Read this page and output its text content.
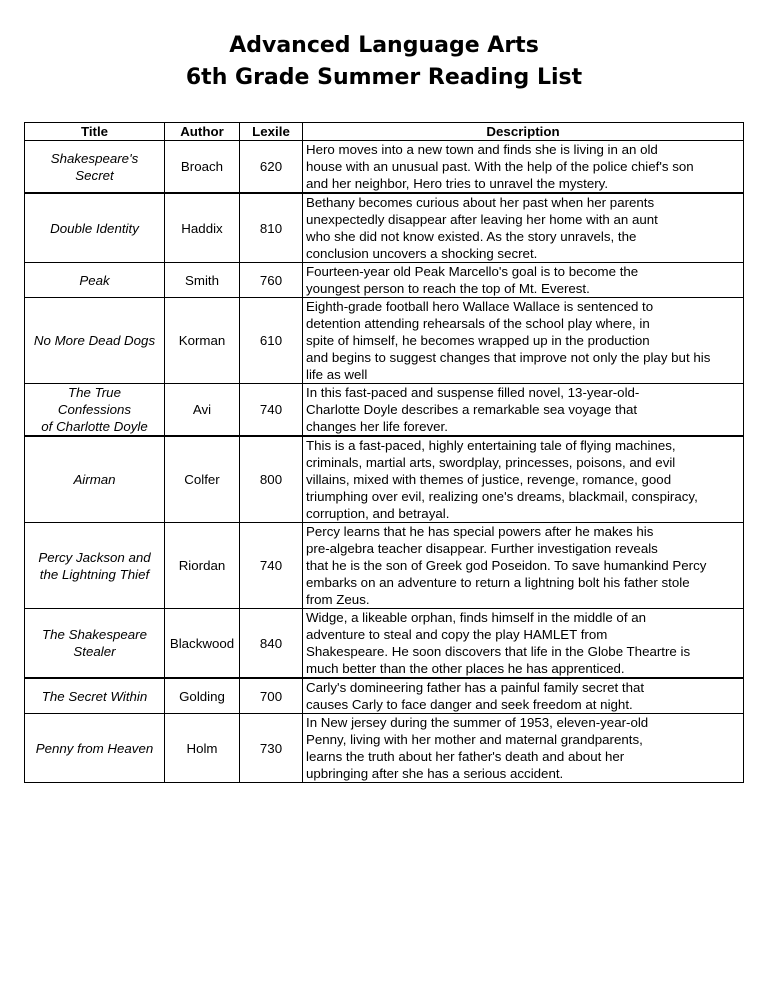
Advanced Language Arts
6th Grade Summer Reading List
Title	Author	Lexile	Description
Shakespeare's
Secret	Broach	620	Hero moves into a new town and finds she is living in an old
house with an unusual past. With the help of the police chief's son
and her neighbor, Hero tries to unravel the mystery.
Double Identity	Haddix	810	Bethany becomes curious about her past when her parents
unexpectedly disappear after leaving her home with an aunt
who she did not know existed. As the story unravels, the
conclusion uncovers a shocking secret.
Peak	Smith	760	Fourteen-year old Peak Marcello's goal is to become the
youngest person to reach the top of Mt. Everest.
No More Dead Dogs	Korman	610	Eighth-grade football hero Wallace Wallace is sentenced to
detention attending rehearsals of the school play where, in
spite of himself, he becomes wrapped up in the production
and begins to suggest changes that improve not only the play but his
life as well
The True
Confessions
of Charlotte Doyle	Avi	740	In this fast-paced and suspense filled novel, 13-year-old-
Charlotte Doyle describes a remarkable sea voyage that
changes her life forever.
Airman	Colfer	800	This is a fast-paced, highly entertaining tale of flying machines,
criminals, martial arts, swordplay, princesses, poisons, and evil
villains, mixed with themes of justice, revenge, romance, good
triumphing over evil, realizing one's dreams, blackmail, conspiracy,
corruption, and betrayal.
Percy Jackson and
the Lightning Thief	Riordan	740	Percy learns that he has special powers after he makes his
pre-algebra teacher disappear. Further investigation reveals
that he is the son of Greek god Poseidon. To save humankind Percy
embarks on an adventure to return a lightning bolt his father stole
from Zeus.
The Shakespeare
Stealer	Blackwood	840	Widge, a likeable orphan, finds himself in the middle of an
adventure to steal and copy the play HAMLET from
Shakespeare. He soon discovers that life in the Globe Theartre is
much better than the other places he has apprenticed.
The Secret Within	Golding	700	Carly's domineering father has a painful family secret that
causes Carly to face danger and seek freedom at night.
Penny from Heaven	Holm	730	In New jersey during the summer of 1953, eleven-year-old
Penny, living with her mother and maternal grandparents,
learns the truth about her father's death and about her
upbringing after she has a serious accident.
